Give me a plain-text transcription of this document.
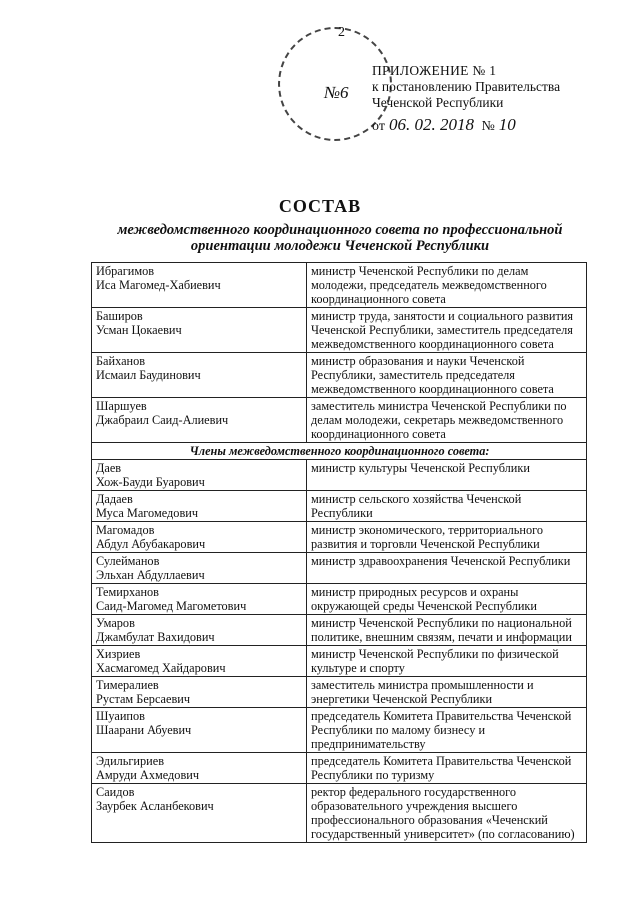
2
№6
ПРИЛОЖЕНИЕ № 1
к постановлению Правительства
Чеченской Республики
от 06. 02. 2018 № 10
СОСТАВ
межведомственного координационного совета по профессиональной ориентации молодежи Чеченской Республики
Ибрагимов
Иса Магомед-Хабиевич	министр Чеченской Республики по делам молодежи, председатель межведомственного координационного совета

Баширов
Усман Цокаевич	министр труда, занятости и социального развития Чеченской Республики, заместитель председателя межведомственного координационного совета

Байханов
Исмаил Баудинович	министр образования и науки Чеченской Республики, заместитель председателя межведомственного координационного совета

Шаршуев
Джабраил Саид-Алиевич	заместитель министра Чеченской Республики по делам молодежи, секретарь межведомственного координационного совета
Члены межведомственного координационного совета:	

Даев
Хож-Бауди Буарович	министр культуры Чеченской Республики

Дадаев
Муса Магомедович	министр сельского хозяйства Чеченской Республики

Магомадов
Абдул Абубакарович	министр экономического, территориального развития и торговли Чеченской Республики

Сулейманов
Эльхан Абдуллаевич	министр здравоохранения Чеченской Республики

Темирханов
Саид-Магомед Магометович	министр природных ресурсов и охраны окружающей среды Чеченской Республики

Умаров
Джамбулат Вахидович	министр Чеченской Республики по национальной политике, внешним связям, печати и информации

Хизриев
Хасмагомед Хайдарович	министр Чеченской Республики по физической культуре и спорту

Тимералиев
Рустам Берсаевич	заместитель министра промышленности и энергетики Чеченской Республики

Шуаипов
Шаарани Абуевич	председатель Комитета Правительства Чеченской Республики по малому бизнесу и предпринимательству

Эдильгириев
Амруди Ахмедович	председатель Комитета Правительства Чеченской Республики по туризму

Саидов
Заурбек Асланбекович	ректор федерального государственного образовательного учреждения высшего профессионального образования «Чеченский государственный университет» (по согласованию)
